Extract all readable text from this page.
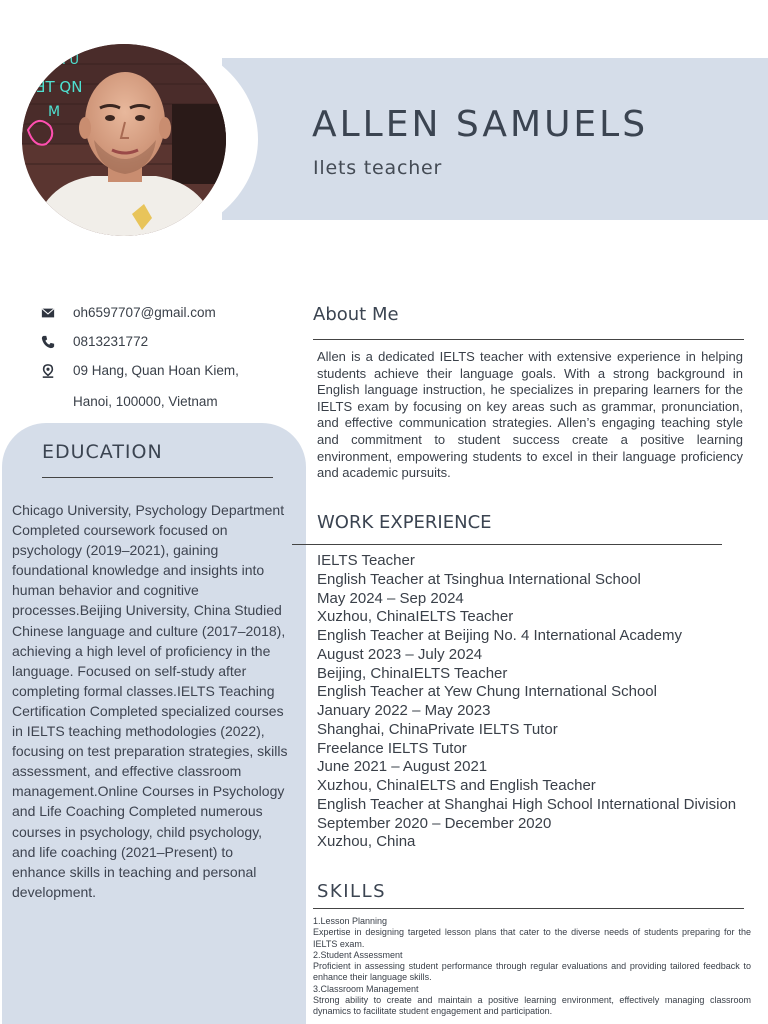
ƎT QN
M
FU
ALLEN SAMUELS
Ilets teacher
oh6597707@gmail.com
0813231772
09 Hang, Quan Hoan Kiem,
Hanoi, 100000, Vietnam
EDUCATION
Chicago University, Psychology Department Completed coursework focused on psychology (2019–2021), gaining foundational knowledge and insights into human behavior and cognitive processes.Beijing University, China Studied Chinese language and culture (2017–2018), achieving a high level of proficiency in the language. Focused on self-study after completing formal classes.IELTS Teaching Certification Completed specialized courses in IELTS teaching methodologies (2022), focusing on test preparation strategies, skills assessment, and effective classroom management.Online Courses in Psychology and Life Coaching Completed numerous courses in psychology, child psychology, and life coaching (2021–Present) to enhance skills in teaching and personal development.
About Me
Allen is a dedicated IELTS teacher with extensive experience in helping students achieve their language goals. With a strong background in English language instruction, he specializes in preparing learners for the IELTS exam by focusing on key areas such as grammar, pronunciation, and effective communication strategies. Allen’s engaging teaching style and commitment to student success create a positive learning environment, empowering students to excel in their language proficiency and academic pursuits.
WORK EXPERIENCE
IELTS Teacher
English Teacher at Tsinghua International School
May 2024 – Sep 2024
Xuzhou, ChinaIELTS Teacher
English Teacher at Beijing No. 4 International Academy
August 2023 – July 2024
Beijing, ChinaIELTS Teacher
English Teacher at Yew Chung International School
January 2022 – May 2023
Shanghai, ChinaPrivate IELTS Tutor
Freelance IELTS Tutor
June 2021 – August 2021
Xuzhou, ChinaIELTS and English Teacher
English Teacher at Shanghai High School International Division
September 2020 – December 2020
Xuzhou, China
SKILLS
1.Lesson Planning
Expertise in designing targeted lesson plans that cater to the diverse needs of students preparing for the IELTS exam.
2.Student Assessment
Proficient in assessing student performance through regular evaluations and providing tailored feedback to enhance their language skills.
3.Classroom Management
Strong ability to create and maintain a positive learning environment, effectively managing classroom dynamics to facilitate student engagement and participation.
